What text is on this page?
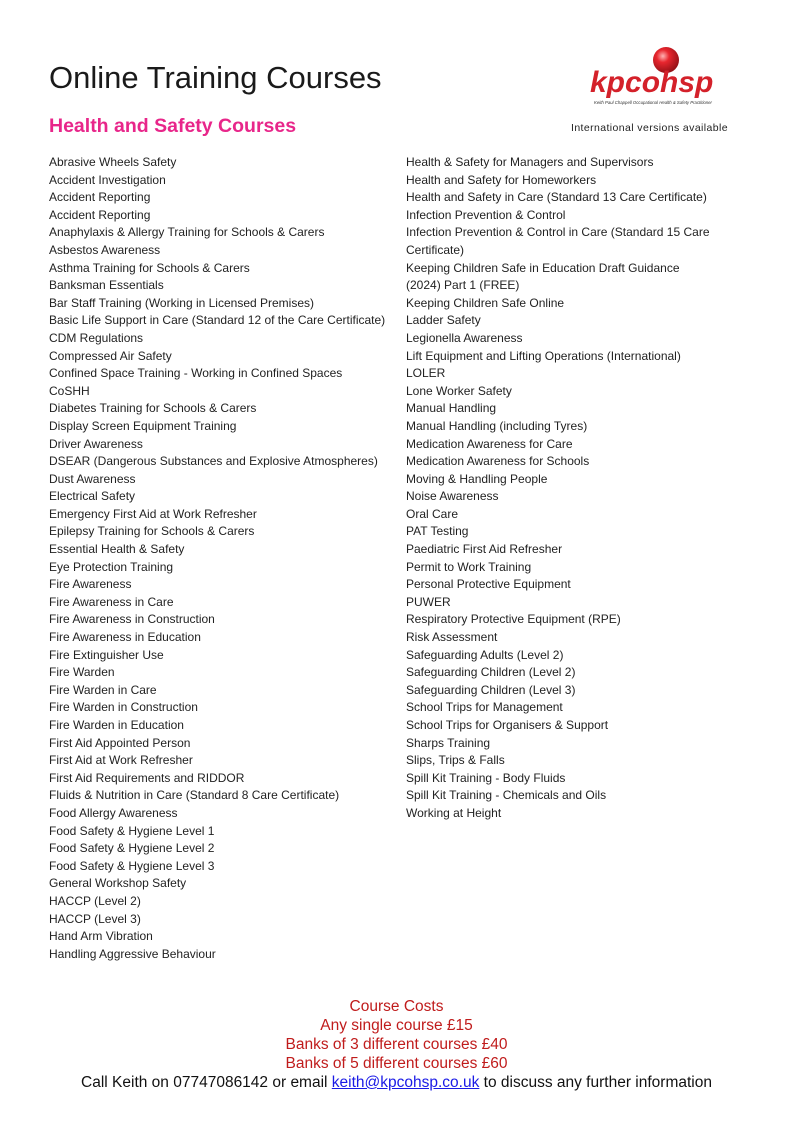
Online Training Courses
Health and Safety Courses
kpcohsp
Keith Paul Chappell Occupational Health & Safety Practitioner
International versions available
Abrasive Wheels Safety
Accident Investigation
Accident Reporting
Accident Reporting
Anaphylaxis & Allergy Training for Schools & Carers
Asbestos Awareness
Asthma Training for Schools & Carers
Banksman Essentials
Bar Staff Training (Working in Licensed Premises)
Basic Life Support in Care (Standard 12 of the Care Certificate)
CDM Regulations
Compressed Air Safety
Confined Space Training - Working in Confined Spaces
CoSHH
Diabetes Training for Schools & Carers
Display Screen Equipment Training
Driver Awareness
DSEAR (Dangerous Substances and Explosive Atmospheres)
Dust Awareness
Electrical Safety
Emergency First Aid at Work Refresher
Epilepsy Training for Schools & Carers
Essential Health & Safety
Eye Protection Training
Fire Awareness
Fire Awareness in Care
Fire Awareness in Construction
Fire Awareness in Education
Fire Extinguisher Use
Fire Warden
Fire Warden in Care
Fire Warden in Construction
Fire Warden in Education
First Aid Appointed Person
First Aid at Work Refresher
First Aid Requirements and RIDDOR
Fluids & Nutrition in Care (Standard 8 Care Certificate)
Food Allergy Awareness
Food Safety & Hygiene Level 1
Food Safety & Hygiene Level 2
Food Safety & Hygiene Level 3
General Workshop Safety
HACCP (Level 2)
HACCP (Level 3)
Hand Arm Vibration
Handling Aggressive Behaviour
Health & Safety for Managers and Supervisors
Health and Safety for Homeworkers
Health and Safety in Care (Standard 13 Care Certificate)
Infection Prevention & Control
Infection Prevention & Control in Care (Standard 15 Care Certificate)
Keeping Children Safe in Education Draft Guidance (2024) Part 1 (FREE)
Keeping Children Safe Online
Ladder Safety
Legionella Awareness
Lift Equipment and Lifting Operations (International)
LOLER
Lone Worker Safety
Manual Handling
Manual Handling (including Tyres)
Medication Awareness for Care
Medication Awareness for Schools
Moving & Handling People
Noise Awareness
Oral Care
PAT Testing
Paediatric First Aid Refresher
Permit to Work Training
Personal Protective Equipment
PUWER
Respiratory Protective Equipment (RPE)
Risk Assessment
Safeguarding Adults (Level 2)
Safeguarding Children (Level 2)
Safeguarding Children (Level 3)
School Trips for Management
School Trips for Organisers & Support
Sharps Training
Slips, Trips & Falls
Spill Kit Training - Body Fluids
Spill Kit Training - Chemicals and Oils
Working at Height
Course Costs
Any single course £15
Banks of 3 different courses £40
Banks of 5 different courses £60
Call Keith on 07747086142 or email keith@kpcohsp.co.uk to discuss any further information
